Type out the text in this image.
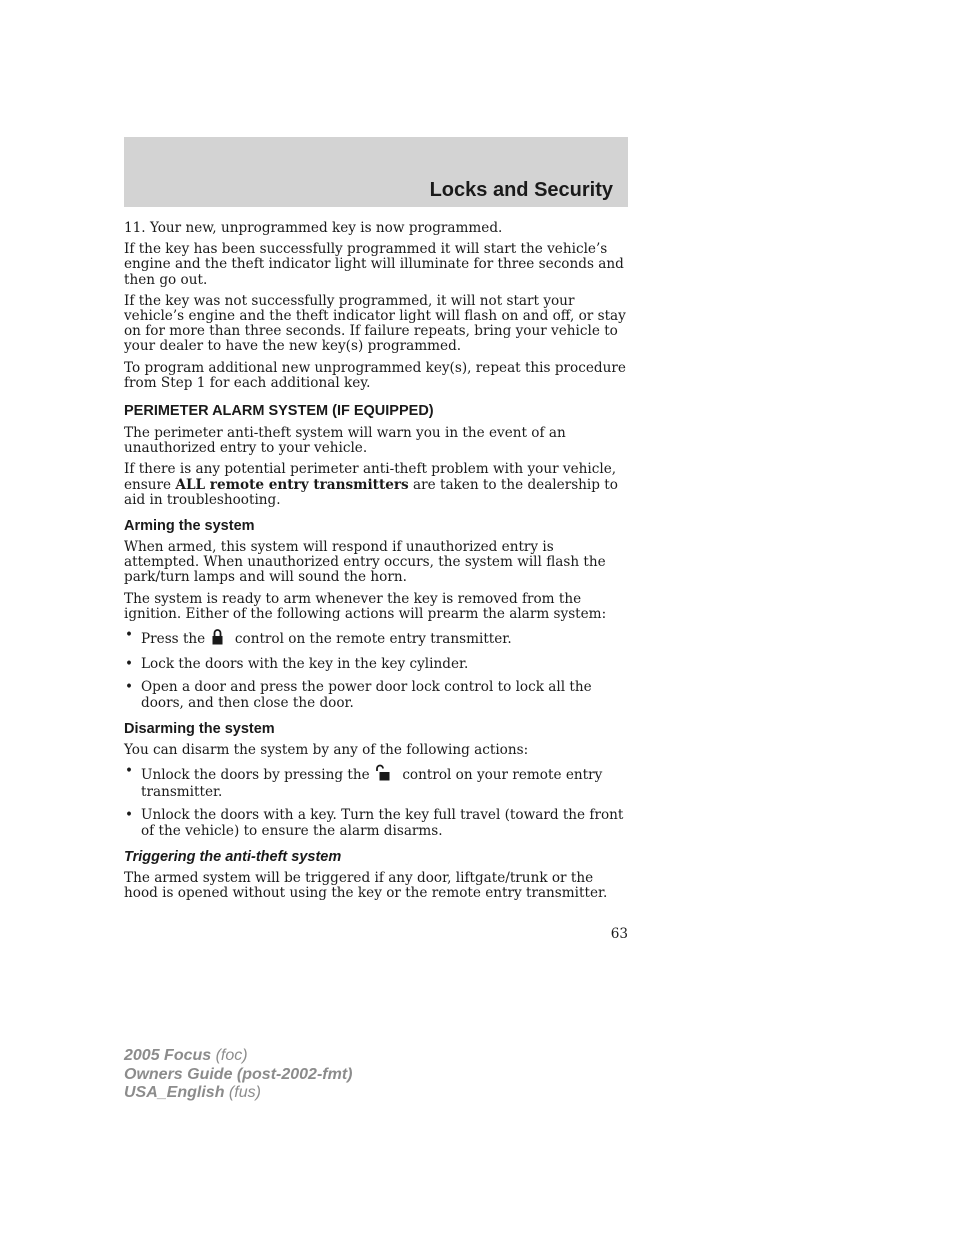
Locks and Security

11. Your new, unprogrammed key is now programmed.

If the key has been successfully programmed it will start the vehicle’s engine and the theft indicator light will illuminate for three seconds and then go out.

If the key was not successfully programmed, it will not start your vehicle’s engine and the theft indicator light will flash on and off, or stay on for more than three seconds. If failure repeats, bring your vehicle to your dealer to have the new key(s) programmed.

To program additional new unprogrammed key(s), repeat this procedure from Step 1 for each additional key.

PERIMETER ALARM SYSTEM (IF EQUIPPED)

The perimeter anti-theft system will warn you in the event of an unauthorized entry to your vehicle.

If there is any potential perimeter anti-theft problem with your vehicle, ensure ALL remote entry transmitters are taken to the dealership to aid in troubleshooting.

Arming the system

When armed, this system will respond if unauthorized entry is attempted. When unauthorized entry occurs, the system will flash the park/turn lamps and will sound the horn.

The system is ready to arm whenever the key is removed from the ignition. Either of the following actions will prearm the alarm system:

• Press the control on the remote entry transmitter.
• Lock the doors with the key in the key cylinder.
• Open a door and press the power door lock control to lock all the doors, and then close the door.
Disarming the system

You can disarm the system by any of the following actions:

• Unlock the doors by pressing the control on your remote entry transmitter.
• Unlock the doors with a key. Turn the key full travel (toward the front of the vehicle) to ensure the alarm disarms.
Triggering the anti-theft system

The armed system will be triggered if any door, liftgate/trunk or the hood is opened without using the key or the remote entry transmitter.

63
2005 Focus (foc)
Owners Guide (post-2002-fmt)
USA_English (fus)
